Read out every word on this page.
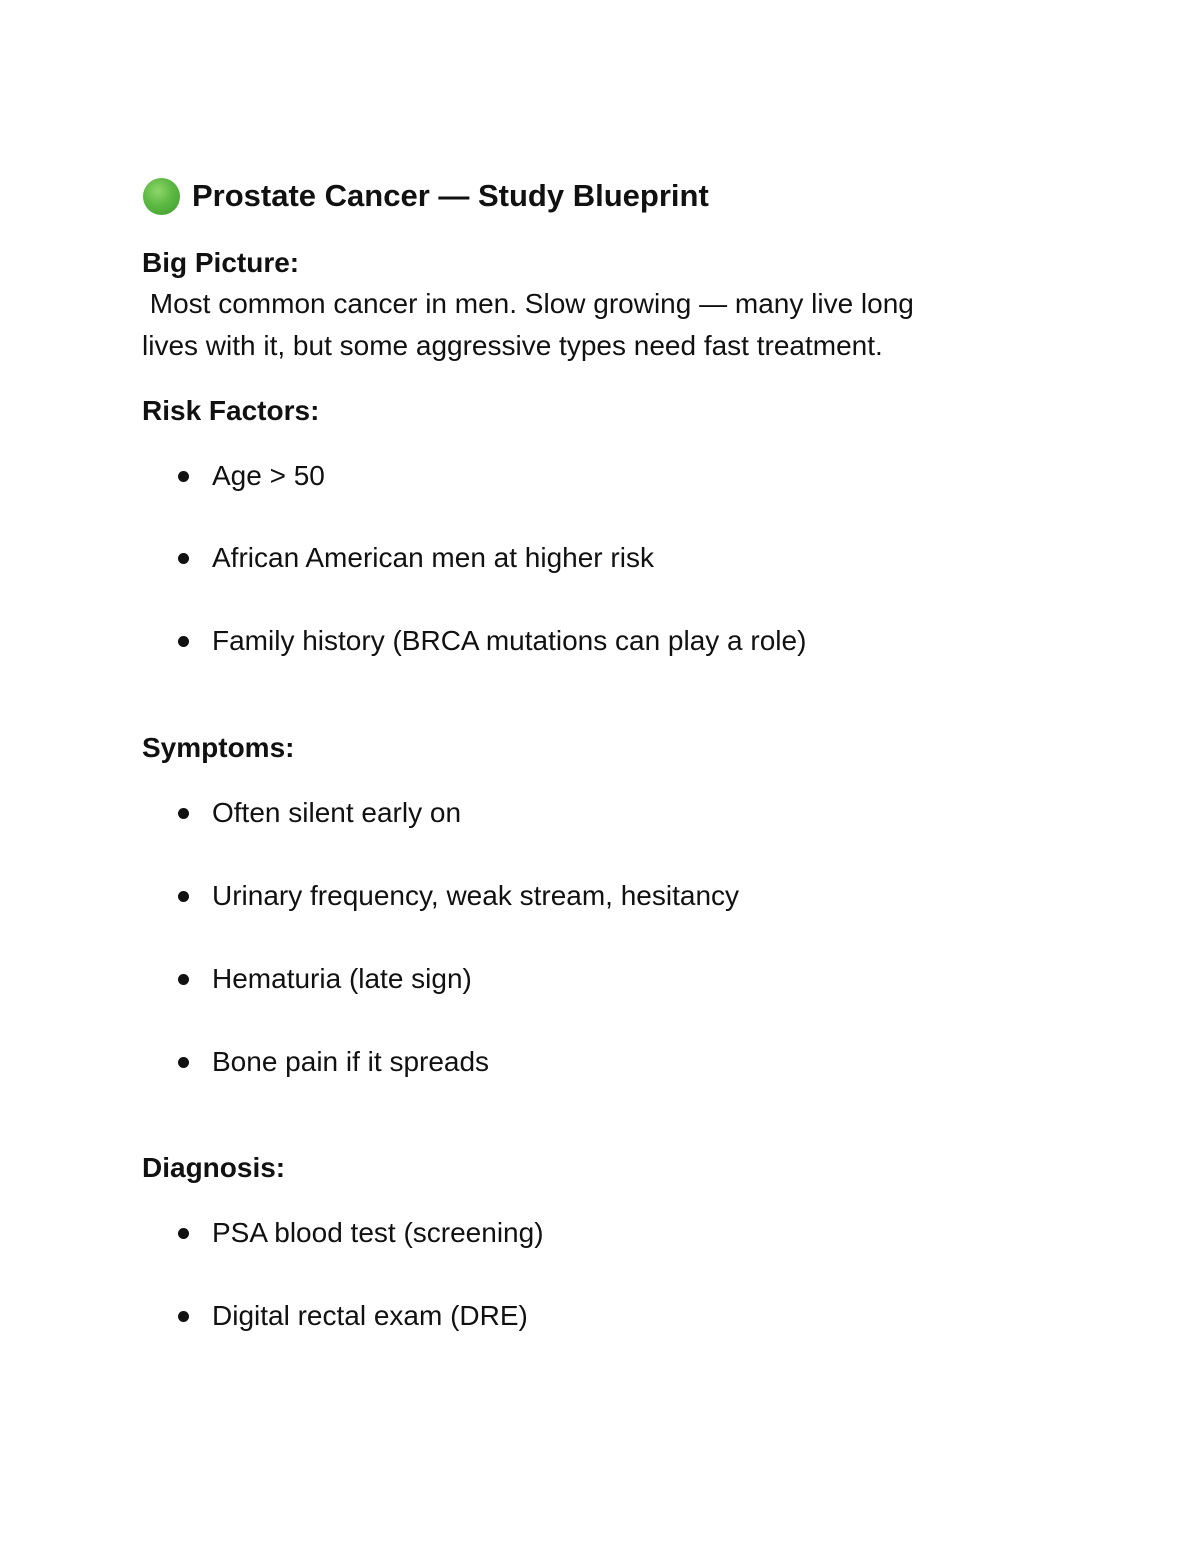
Prostate Cancer — Study Blueprint
Big Picture:
Most common cancer in men. Slow growing — many live long
lives with it, but some aggressive types need fast treatment.
Risk Factors:
Age > 50
African American men at higher risk
Family history (BRCA mutations can play a role)
Symptoms:
Often silent early on
Urinary frequency, weak stream, hesitancy
Hematuria (late sign)
Bone pain if it spreads
Diagnosis:
PSA blood test (screening)
Digital rectal exam (DRE)
